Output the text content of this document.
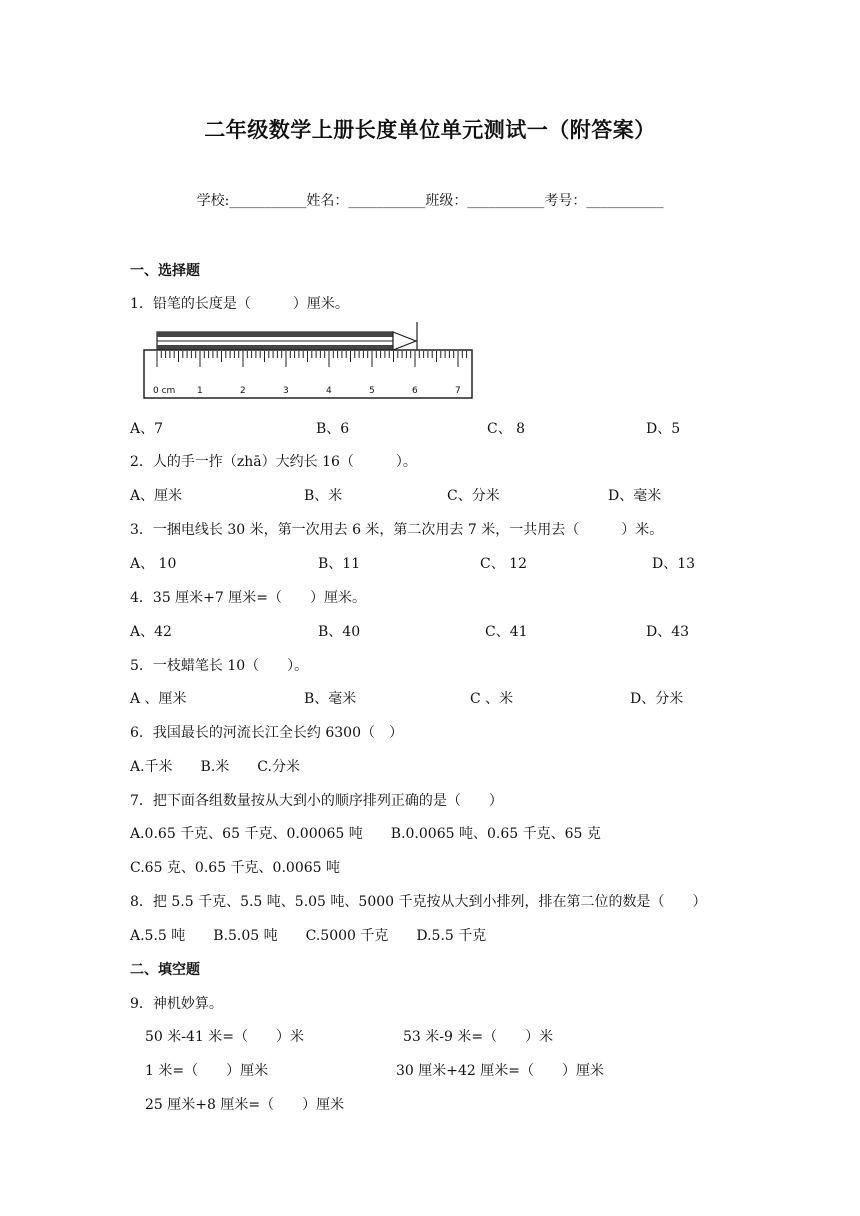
二年级数学上册长度单位单元测试一（附答案）
学校:___________姓名：___________班级：___________考号：___________
一、选择题
1．铅笔的长度是（　　　）厘米。
0 cm 1	2	3	4	5	6	7
A、7	B、6	C、 8	D、5
2．人的手一拃（zhā）大约长 16（　　　）。
A、厘米	B、米	C、分米	D、毫米
3．一捆电线长 30 米，第一次用去 6 米，第二次用去 7 米，一共用去（　　　）米。
A、 10	B、11	C、 12	D、13
4．35 厘米+7 厘米=（　　）厘米。
A、42	B、40	C、41	D、43
5．一枝蜡笔长 10（　　）。
A 、厘米	B、毫米	C 、米	D、分米
6．我国最长的河流长江全长约 6300（　）
A.千米　　B.米　　C.分米
7．把下面各组数量按从大到小的顺序排列正确的是（　　）
A.0.65 千克、65 千克、0.00065 吨　　B.0.0065 吨、0.65 千克、65 克
C.65 克、0.65 千克、0.0065 吨
8．把 5.5 千克、5.5 吨、5.05 吨、5000 千克按从大到小排列，排在第二位的数是（　　）
A.5.5 吨　　B.5.05 吨　　C.5000 千克　　D.5.5 千克
二、填空题
9．神机妙算。
50 米-41 米=（　　）米	53 米-9 米=（　　）米
1 米=（　　）厘米	30 厘米+42 厘米=（　　）厘米
25 厘米+8 厘米=（　　）厘米
